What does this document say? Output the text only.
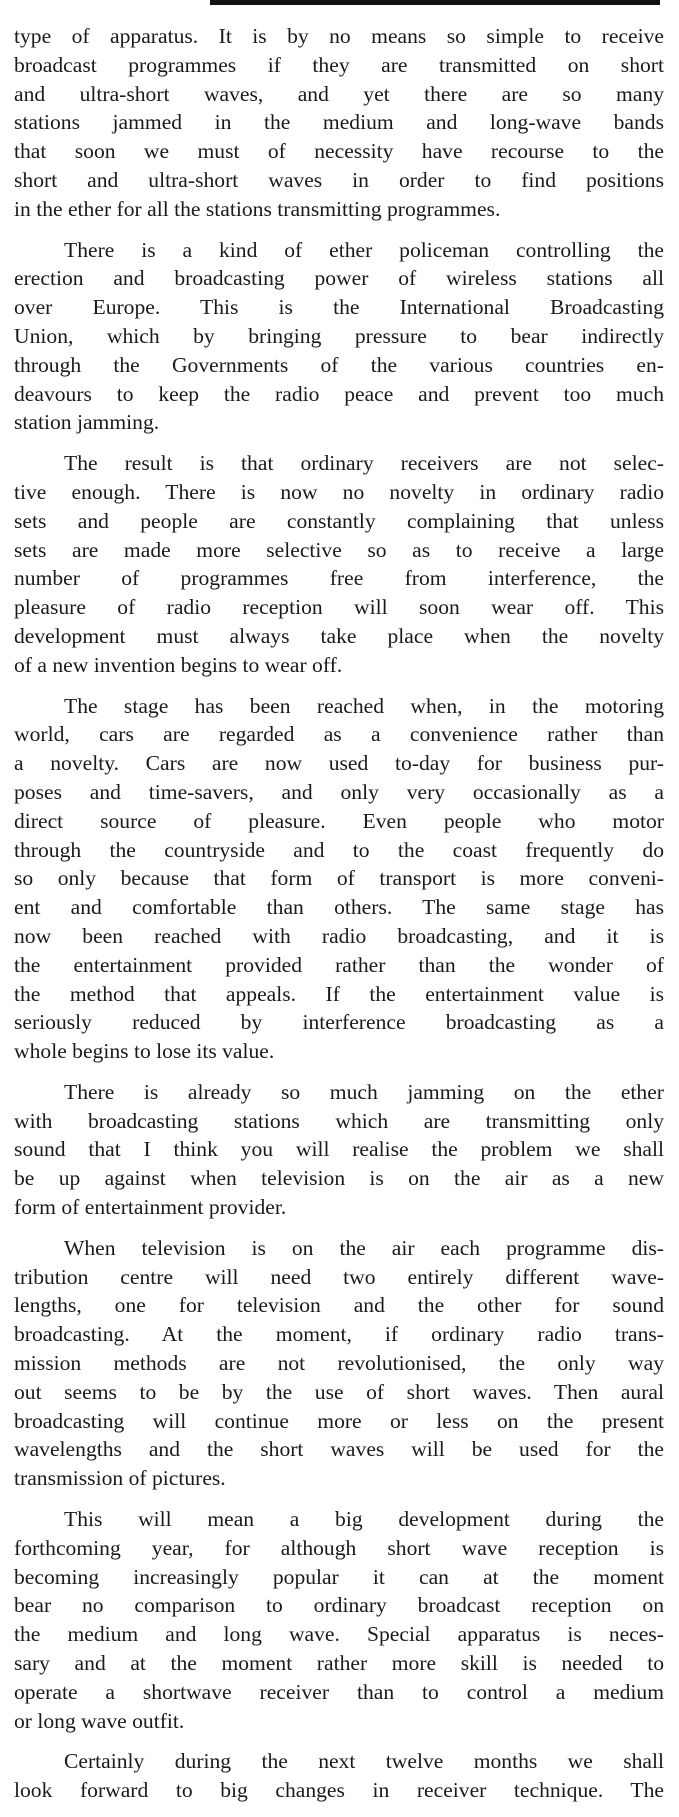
type of apparatus. It is by no means so simple to receive
broadcast programmes if they are transmitted on short
and ultra-short waves, and yet there are so many
stations jammed in the medium and long-wave bands
that soon we must of necessity have recourse to the
short and ultra-short waves in order to find positions
in the ether for all the stations transmitting programmes.

There is a kind of ether policeman controlling the
erection and broadcasting power of wireless stations all
over Europe. This is the International Broadcasting
Union, which by bringing pressure to bear indirectly
through the Governments of the various countries en-
deavours to keep the radio peace and prevent too much
station jamming.

The result is that ordinary receivers are not selec-
tive enough. There is now no novelty in ordinary radio
sets and people are constantly complaining that unless
sets are made more selective so as to receive a large
number of programmes free from interference, the
pleasure of radio reception will soon wear off. This
development must always take place when the novelty
of a new invention begins to wear off.

The stage has been reached when, in the motoring
world, cars are regarded as a convenience rather than
a novelty. Cars are now used to-day for business pur-
poses and time-savers, and only very occasionally as a
direct source of pleasure. Even people who motor
through the countryside and to the coast frequently do
so only because that form of transport is more conveni-
ent and comfortable than others. The same stage has
now been reached with radio broadcasting, and it is
the entertainment provided rather than the wonder of
the method that appeals. If the entertainment value is
seriously reduced by interference broadcasting as a
whole begins to lose its value.

There is already so much jamming on the ether
with broadcasting stations which are transmitting only
sound that I think you will realise the problem we shall
be up against when television is on the air as a new
form of entertainment provider.

When television is on the air each programme dis-
tribution centre will need two entirely different wave-
lengths, one for television and the other for sound
broadcasting. At the moment, if ordinary radio trans-
mission methods are not revolutionised, the only way
out seems to be by the use of short waves. Then aural
broadcasting will continue more or less on the present
wavelengths and the short waves will be used for the
transmission of pictures.

This will mean a big development during the
forthcoming year, for although short wave reception is
becoming increasingly popular it can at the moment
bear no comparison to ordinary broadcast reception on
the medium and long wave. Special apparatus is neces-
sary and at the moment rather more skill is needed to
operate a shortwave receiver than to control a medium
or long wave outfit.

Certainly during the next twelve months we shall
look forward to big changes in receiver technique. The
